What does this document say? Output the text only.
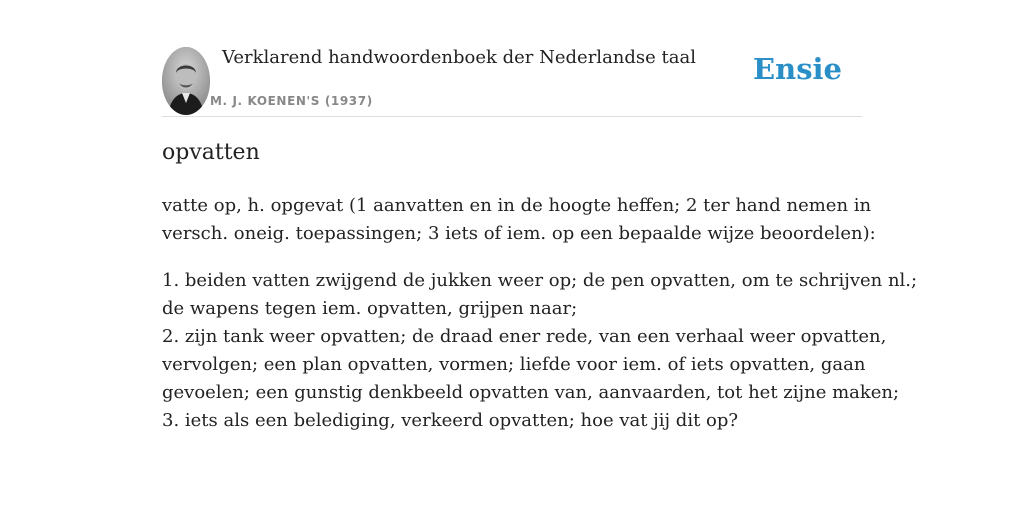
Verklarend handwoordenboek der Nederlandse taal
M. J. KOENEN'S (1937)
Ensie
opvatten

vatte op, h. opgevat (1 aanvatten en in de hoogte heffen; 2 ter hand nemen in
versch. oneig. toepassingen; 3 iets of iem. op een bepaalde wijze beoordelen):

1. beiden vatten zwijgend de jukken weer op; de pen opvatten, om te schrijven nl.;
de wapens tegen iem. opvatten, grijpen naar;
2. zijn tank weer opvatten; de draad ener rede, van een verhaal weer opvatten,
vervolgen; een plan opvatten, vormen; liefde voor iem. of iets opvatten, gaan
gevoelen; een gunstig denkbeeld opvatten van, aanvaarden, tot het zijne maken;
3. iets als een belediging, verkeerd opvatten; hoe vat jij dit op?
